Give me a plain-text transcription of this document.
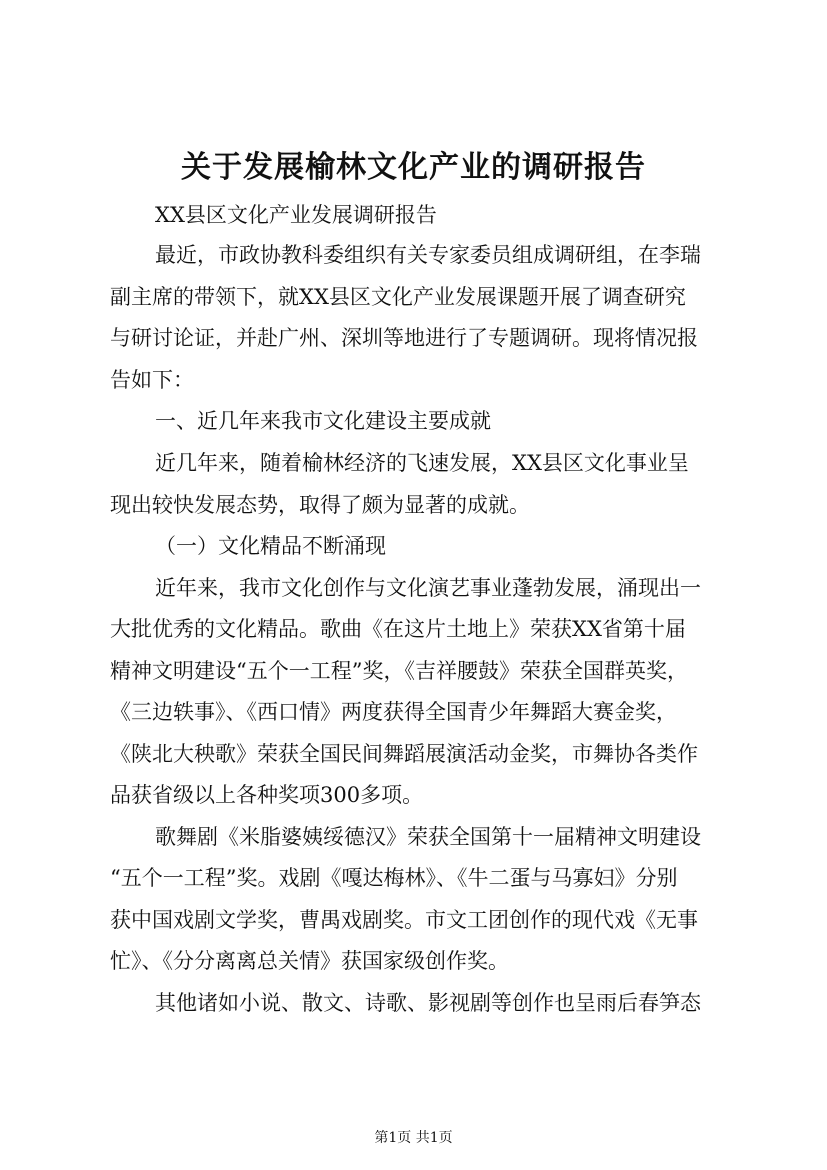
关于发展榆林文化产业的调研报告
XX县区文化产业发展调研报告
最近，市政协教科委组织有关专家委员组成调研组，在李瑞
副主席的带领下，就XX县区文化产业发展课题开展了调查研究
与研讨论证，并赴广州、深圳等地进行了专题调研。现将情况报
告如下：
一、近几年来我市文化建设主要成就
近几年来，随着榆林经济的飞速发展，XX县区文化事业呈
现出较快发展态势，取得了颇为显著的成就。
（一）文化精品不断涌现
近年来，我市文化创作与文化演艺事业蓬勃发展，涌现出一
大批优秀的文化精品。歌曲《在这片土地上》荣获XX省第十届
精神文明建设“五个一工程”奖，《吉祥腰鼓》荣获全国群英奖，
《三边轶事》、《西口情》两度获得全国青少年舞蹈大赛金奖，
《陕北大秧歌》荣获全国民间舞蹈展演活动金奖，市舞协各类作
品获省级以上各种奖项300多项。
歌舞剧《米脂婆姨绥德汉》荣获全国第十一届精神文明建设
“五个一工程”奖。戏剧《嘎达梅林》、《牛二蛋与马寡妇》分别
获中国戏剧文学奖，曹禺戏剧奖。市文工团创作的现代戏《无事
忙》、《分分离离总关情》获国家级创作奖。
其他诸如小说、散文、诗歌、影视剧等创作也呈雨后春笋态
第1页 共1页
